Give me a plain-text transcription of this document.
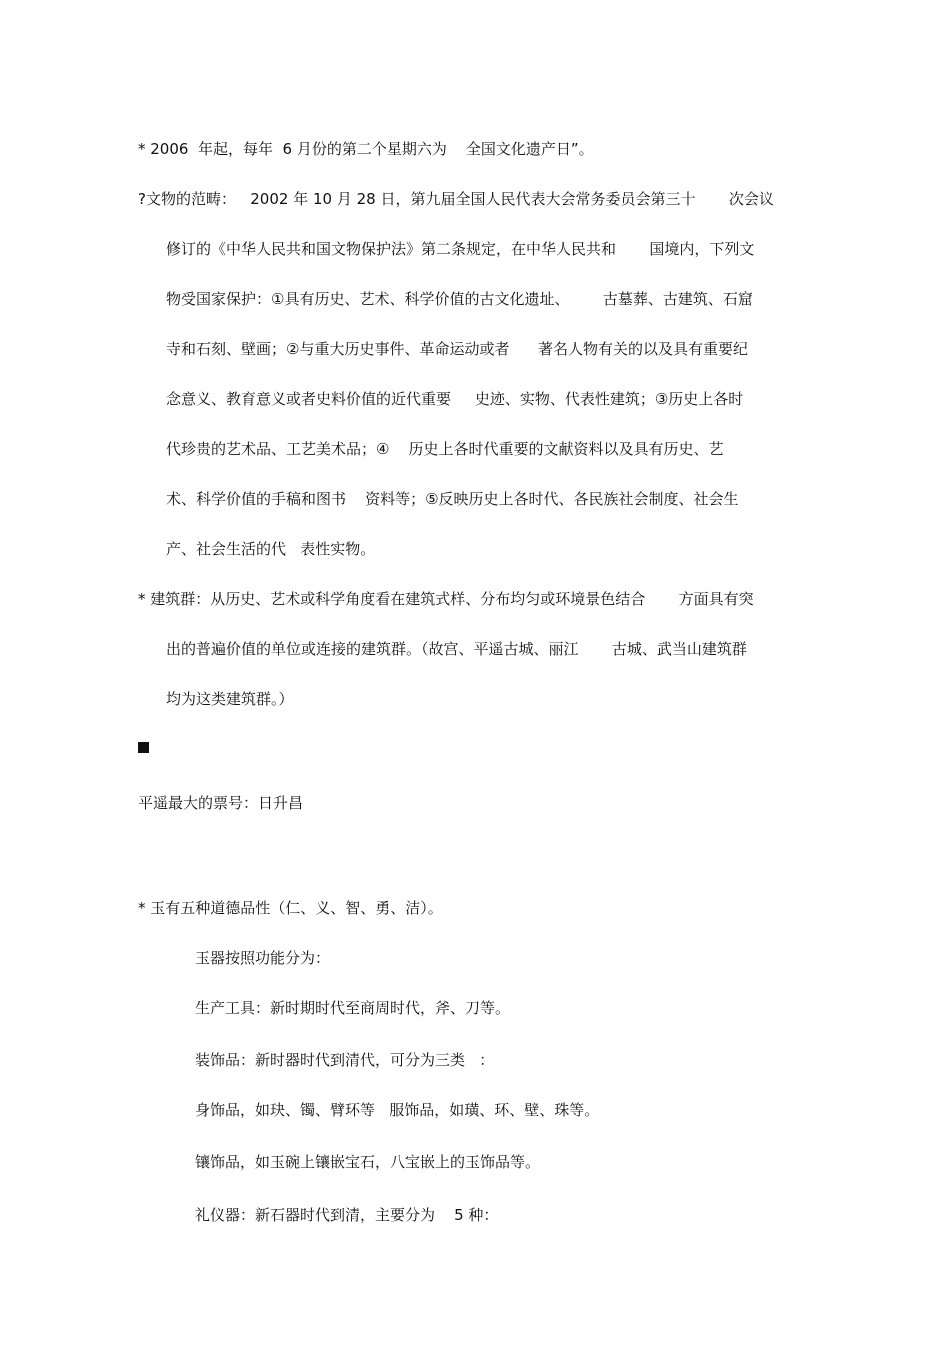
* 2006  年起，每年  6 月份的第二个星期六为    全国文化遗产日”。
?文物的范畴：   2002 年 10 月 28 日，第九届全国人民代表大会常务委员会第三十       次会议
修订的《中华人民共和国文物保护法》第二条规定，在中华人民共和       国境内，下列文
物受国家保护：①具有历史、艺术、科学价值的古文化遗址、       古墓葬、古建筑、石窟
寺和石刻、壁画；②与重大历史事件、革命运动或者      著名人物有关的以及具有重要纪
念意义、教育意义或者史料价值的近代重要     史迹、实物、代表性建筑；③历史上各时
代珍贵的艺术品、工艺美术品；④    历史上各时代重要的文献资料以及具有历史、艺
术、科学价值的手稿和图书    资料等；⑤反映历史上各时代、各民族社会制度、社会生
产、社会生活的代   表性实物。
* 建筑群：从历史、艺术或科学角度看在建筑式样、分布均匀或环境景色结合       方面具有突
出的普遍价值的单位或连接的建筑群。（故宫、平遥古城、丽江       古城、武当山建筑群
均为这类建筑群。）
平遥最大的票号：日升昌
* 玉有五种道德品性（仁、义、智、勇、洁）。
玉器按照功能分为：
生产工具：新时期时代至商周时代，斧、刀等。
装饰品：新时器时代到清代，可分为三类   ：
身饰品，如玦、镯、臂环等   服饰品，如璜、环、壁、珠等。
镶饰品，如玉碗上镶嵌宝石，八宝嵌上的玉饰品等。
礼仪器：新石器时代到清，主要分为    5 种：
